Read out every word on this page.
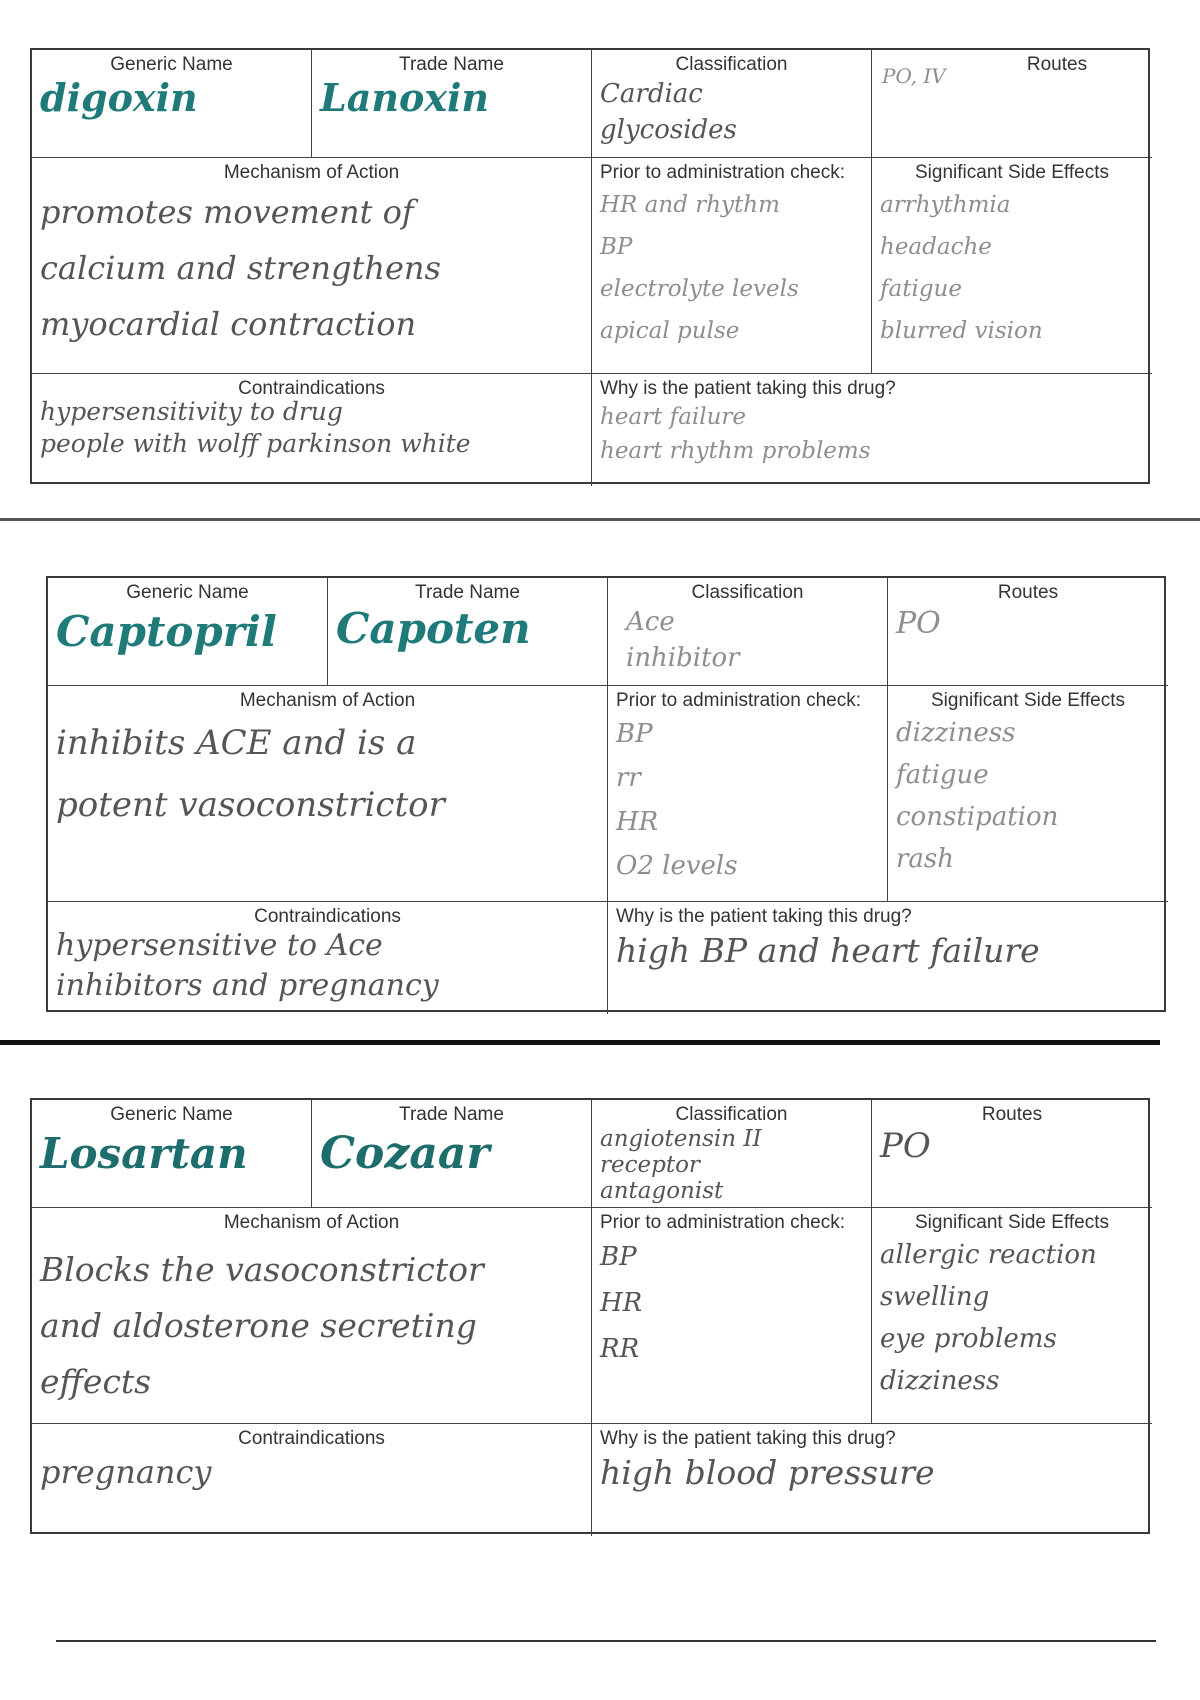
Generic Name
digoxin
Trade Name
Lanoxin
Classification
Cardiac
glycosides
Routes
PO, IV
Mechanism of Action
promotes movement of
calcium and strengthens
myocardial contraction
Prior to administration check:
HR and rhythm
BP
electrolyte levels
apical pulse
Significant Side Effects
arrhythmia
headache
fatigue
blurred vision
Contraindications
hypersensitivity to drug
people with wolff parkinson white
Why is the patient taking this drug?
heart failure
heart rhythm problems
Generic Name
Captopril
Trade Name
Capoten
Classification
Ace
inhibitor
Routes
PO
Mechanism of Action
inhibits ACE and is a
potent vasoconstrictor
Prior to administration check:
BP
rr
HR
O2 levels
Significant Side Effects
dizziness
fatigue
constipation
rash
Contraindications
hypersensitive to Ace
inhibitors and pregnancy
Why is the patient taking this drug?
high BP and heart failure
Generic Name
Losartan
Trade Name
Cozaar
Classification
angiotensin II
receptor
antagonist
Routes
PO
Mechanism of Action
Blocks the vasoconstrictor
and aldosterone secreting
effects
Prior to administration check:
BP
HR
RR
Significant Side Effects
allergic reaction
swelling
eye problems
dizziness
Contraindications
pregnancy
Why is the patient taking this drug?
high blood pressure
